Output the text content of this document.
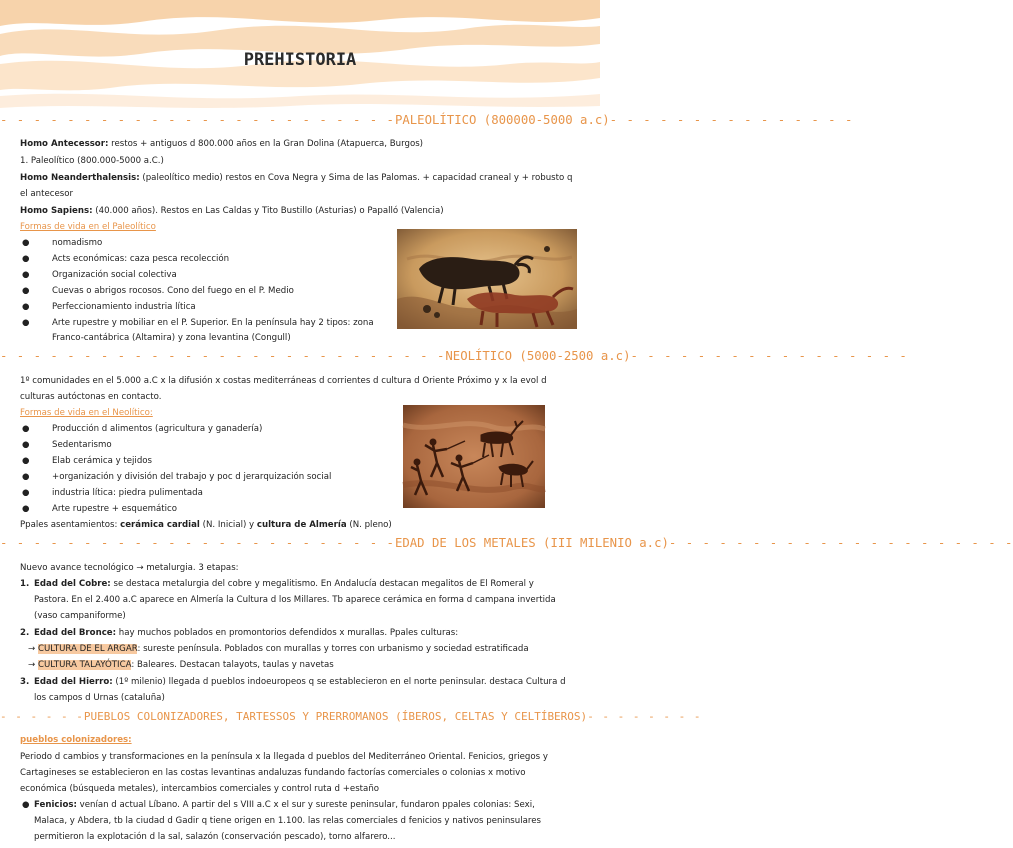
PREHISTORIA
- - - - - - - - - - - - - - - - - - - - - - - -PALEOLÍTICO (800000-5000 a.c)- - - - - - - - - - - - - - -
Homo Antecessor: restos + antiguos d 800.000 años en la Gran Dolina (Atapuerca, Burgos)
1. Paleolítico (800.000-5000 a.C.)
Homo Neanderthalensis: (paleolítico medio) restos en Cova Negra y Sima de las Palomas. + capacidad craneal y + robusto q
el antecesor
Homo Sapiens: (40.000 años). Restos en Las Caldas y Tito Bustillo (Asturias) o Papalló (Valencia)
Formas de vida en el Paleolítico
●	nomadismo
●	Acts económicas: caza pesca recolección
●	Organización social colectiva
●	Cuevas o abrigos rocosos. Cono del fuego en el P. Medio
●	Perfeccionamiento industria lítica
●	Arte rupestre y mobiliar en el P. Superior. En la península hay 2 tipos: zona
Franco-cantábrica (Altamira) y zona levantina (Congull)
- - - - - - - - - - - - - - - - - - - - - - - - - - -NEOLÍTICO (5000-2500 a.c)- - - - - - - - - - - - - - - - -
1º comunidades en el 5.000 a.C x la difusión x costas mediterráneas d corrientes d cultura d Oriente Próximo y x la evol d
culturas autóctonas en contacto.
Formas de vida en el Neolítico:
●	Producción d alimentos (agricultura y ganadería)
●	Sedentarismo
●	Elab cerámica y tejidos
●	+organización y división del trabajo y poc d jerarquización social
●	industria lítica: piedra pulimentada
●	Arte rupestre + esquemático
Ppales asentamientos: cerámica cardial (N. Inicial) y cultura de Almería (N. pleno)
- - - - - - - - - - - - - - - - - - - - - - - -EDAD DE LOS METALES (III MILENIO a.c)- - - - - - - - - - - - - - - - - - - - -
Nuevo avance tecnológico → metalurgia. 3 etapas:
1. Edad del Cobre: se destaca metalurgia del cobre y megalitismo. En Andalucía destacan megalitos de El Romeral y
Pastora. En el 2.400 a.C aparece en Almería la Cultura d los Millares. Tb aparece cerámica en forma d campana invertida
(vaso campaniforme)
2. Edad del Bronce: hay muchos poblados en promontorios defendidos x murallas. Ppales culturas:
→ CULTURA DE EL ARGAR: sureste península. Poblados con murallas y torres con urbanismo y sociedad estratificada
→ CULTURA TALAYÓTICA: Baleares. Destacan talayots, taulas y navetas
3. Edad del Hierro: (1º milenio) llegada d pueblos indoeuropeos q se establecieron en el norte peninsular. destaca Cultura d
los campos d Urnas (cataluña)
- - - - - -PUEBLOS COLONIZADORES, TARTESSOS Y PRERROMANOS (ÍBEROS, CELTAS Y CELTÍBEROS)- - - - - - - -
pueblos colonizadores:
Periodo d cambios y transformaciones en la península x la llegada d pueblos del Mediterráneo Oriental. Fenicios, griegos y
Cartagineses se establecieron en las costas levantinas andaluzas fundando factorías comerciales o colonias x motivo
económica (búsqueda metales), intercambios comerciales y control ruta d +estaño
● Fenicios: venían d actual Líbano. A partir del s VIII a.C x el sur y sureste peninsular, fundaron ppales colonias: Sexi,
Malaca, y Abdera, tb la ciudad d Gadir q tiene origen en 1.100. las relas comerciales d fenicios y nativos peninsulares
permitieron la explotación d la sal, salazón (conservación pescado), torno alfarero...
